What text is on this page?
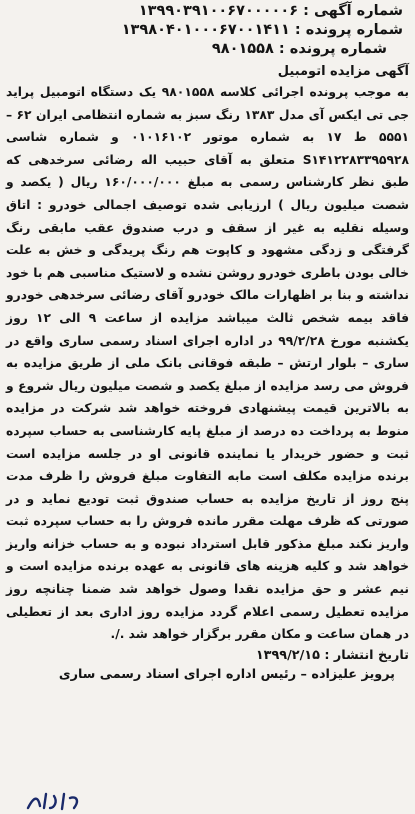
شماره آگهی : ۱۳۹۹۰۳۹۱۰۰۶۷۰۰۰۰۰۶
شماره پرونده : ۱۳۹۸۰۴۰۱۰۰۰۶۷۰۰۱۴۱۱
شماره پرونده : ۹۸۰۱۵۵۸
آگهی مزایده اتومبیل
به موجب پرونده اجرائی کلاسه ۹۸۰۱۵۵۸ یک دستگاه اتومبیل پراید جی تی ایکس آی مدل ۱۳۸۳ رنگ سبز به شماره انتظامی ایران ۶۲ – ۵۵۵۱ ط ۱۷ به شماره موتور ۰۱۰۱۶۱۰۲ و شماره شاسی S۱۴۱۲۲۸۳۳۹۵۹۲۸ متعلق به آقای حبیب اله رضائی سرخدهی که طبق نظر کارشناس رسمی به مبلغ ۱۶۰/۰۰۰/۰۰۰ ریال ( یکصد و شصت میلیون ریال ) ارزیابی شده توصیف اجمالی خودرو : اتاق وسیله نقلیه به غیر از سقف و درب صندوق عقب مابقی رنگ گرفتگی و زدگی مشهود و کاپوت هم رنگ پریدگی و خش به علت خالی بودن باطری خودرو روشن نشده و لاستیک مناسبی هم با خود نداشته و بنا بر اظهارات مالک خودرو آقای رضائی سرخدهی خودرو فاقد بیمه شخص ثالث میباشد مزایده از ساعت ۹ الی ۱۲ روز یکشنبه مورخ ۹۹/۲/۲۸ در اداره اجرای اسناد رسمی ساری واقع در ساری – بلوار ارتش – طبقه فوقانی بانک ملی از طریق مزایده به فروش می رسد مزایده از مبلغ یکصد و شصت میلیون ریال شروع و به بالاترین قیمت پیشنهادی فروخته خواهد شد شرکت در مزایده منوط به پرداخت ده درصد از مبلغ پایه کارشناسی به حساب سپرده ثبت و حضور خریدار یا نماینده قانونی او در جلسه مزایده است برنده مزایده مکلف است مابه التفاوت مبلغ فروش را ظرف مدت پنج روز از تاریخ مزایده به حساب صندوق ثبت تودیع نماید و در صورتی که ظرف مهلت مقرر مانده فروش را به حساب سپرده ثبت واریز نکند مبلغ مذکور قابل استرداد نبوده و به حساب خزانه واریز خواهد شد و کلیه هزینه های قانونی به عهده برنده مزایده است و نیم عشر و حق مزایده نقدا وصول خواهد شد ضمنا چنانچه روز مزایده تعطیل رسمی اعلام گردد مزایده روز اداری بعد از تعطیلی در همان ساعت و مکان مقرر برگزار خواهد شد ./.
تاریخ انتشار : ۱۳۹۹/۲/۱۵
پرویز علیزاده – رئیس اداره اجرای اسناد رسمی ساری
